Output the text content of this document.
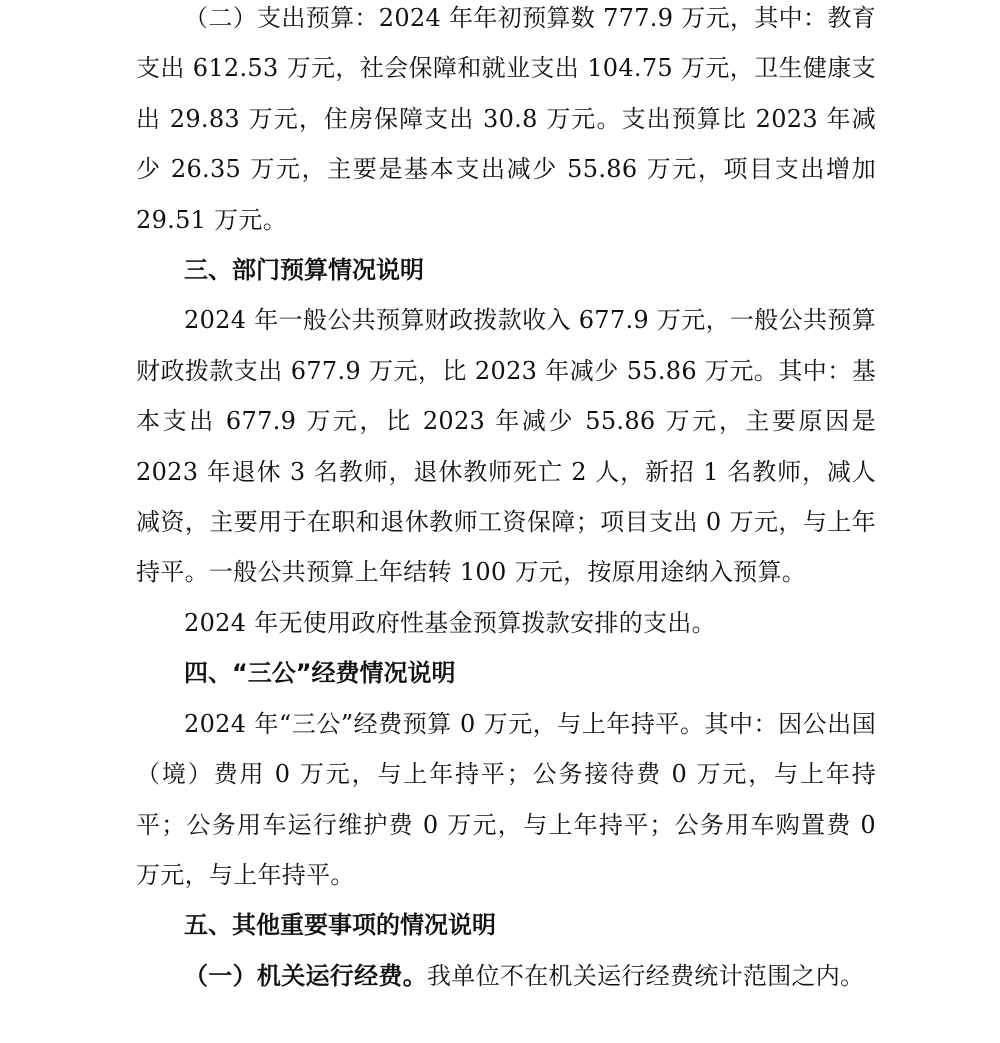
（二）支出预算：2024 年年初预算数 777.9 万元，其中：教育支出 612.53 万元，社会保障和就业支出 104.75 万元，卫生健康支出 29.83 万元，住房保障支出 30.8 万元。支出预算比 2023 年减少 26.35 万元，主要是基本支出减少 55.86 万元，项目支出增加 29.51 万元。

三、部门预算情况说明

2024 年一般公共预算财政拨款收入 677.9 万元，一般公共预算财政拨款支出 677.9 万元，比 2023 年减少 55.86 万元。其中：基本支出 677.9 万元，比 2023 年减少 55.86 万元，主要原因是 2023 年退休 3 名教师，退休教师死亡 2 人，新招 1 名教师，减人减资，主要用于在职和退休教师工资保障；项目支出 0 万元，与上年持平。一般公共预算上年结转 100 万元，按原用途纳入预算。

2024 年无使用政府性基金预算拨款安排的支出。

四、“三公”经费情况说明

2024 年“三公”经费预算 0 万元，与上年持平。其中：因公出国（境）费用 0 万元，与上年持平；公务接待费 0 万元，与上年持平；公务用车运行维护费 0 万元，与上年持平；公务用车购置费 0 万元，与上年持平。

五、其他重要事项的情况说明

（一）机关运行经费。我单位不在机关运行经费统计范围之内。
